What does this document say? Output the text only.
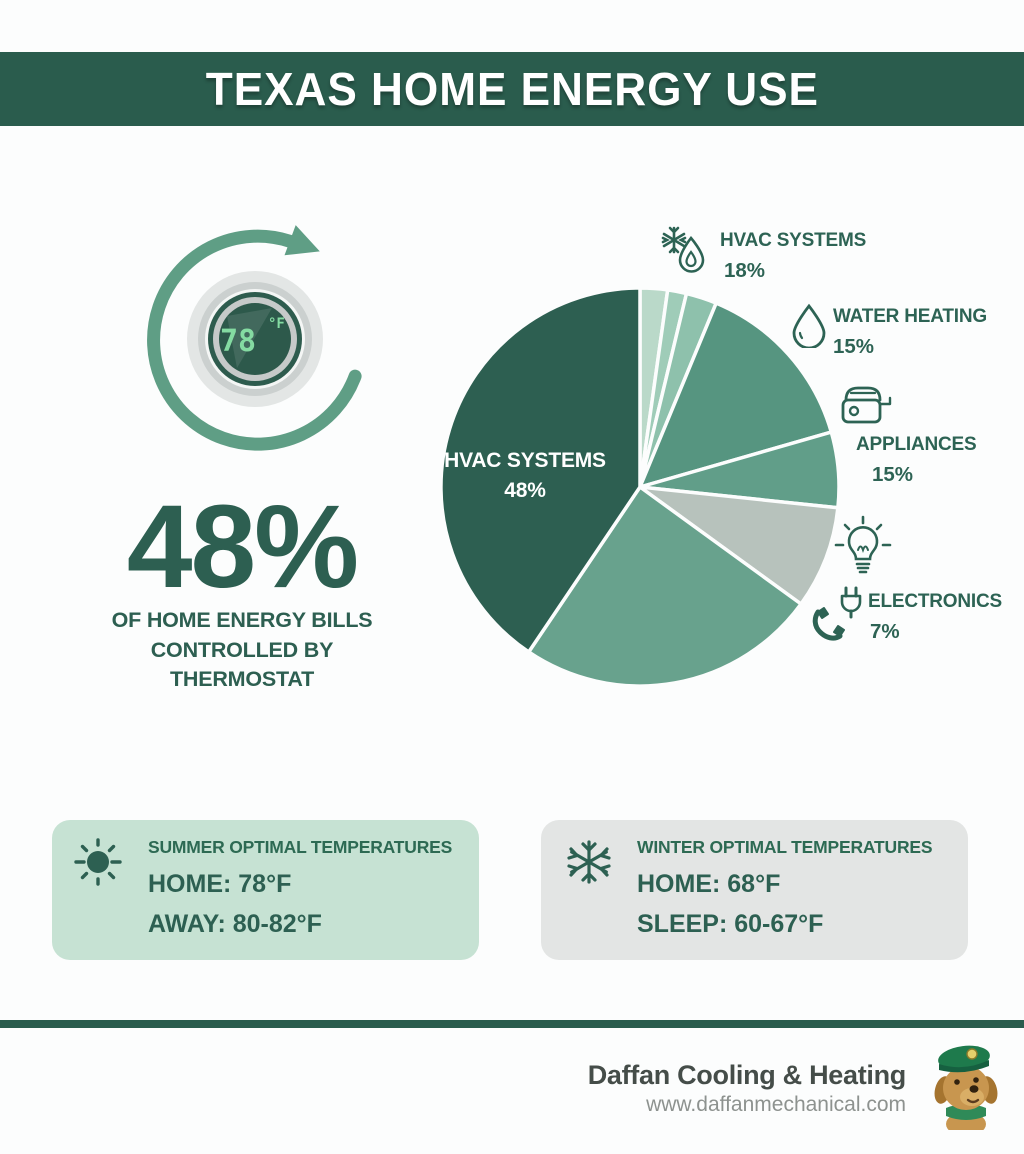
TEXAS HOME ENERGY USE
78 °F
48%
OF HOME ENERGY BILLS
CONTROLLED BY
THERMOSTAT
HVAC SYSTEMS
48%
HVAC SYSTEMS
18%
WATER HEATING
15%
APPLIANCES
15%
ELECTRONICS
7%
SUMMER OPTIMAL TEMPERATURES
HOME: 78°F
AWAY: 80-82°F
WINTER OPTIMAL TEMPERATURES
HOME: 68°F
SLEEP: 60-67°F
Daffan Cooling & Heating
www.daffanmechanical.com
